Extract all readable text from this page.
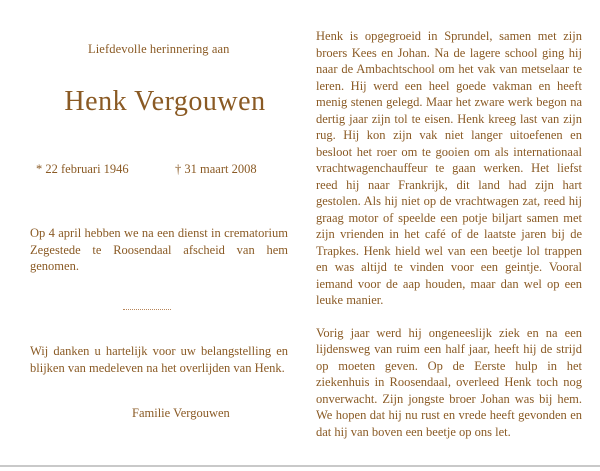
Liefdevolle herinnering aan
Henk Vergouwen
* 22 februari 1946	† 31 maart 2008
Op 4 april hebben we na een dienst in crematorium Zegestede te Roosendaal afscheid van hem genomen.
Wij danken u hartelijk voor uw belangstelling en blijken van medeleven na het overlijden van Henk.
Familie Vergouwen

Henk is opgegroeid in Sprundel, samen met zijn broers Kees en Johan. Na de lagere school ging hij naar de Ambachtschool om het vak van metselaar te leren. Hij werd een heel goede vakman en heeft menig stenen gelegd. Maar het zware werk begon na dertig jaar zijn tol te eisen. Henk kreeg last van zijn rug. Hij kon zijn vak niet langer uitoefenen en besloot het roer om te gooien om als internationaal vrachtwagenchauffeur te gaan werken. Het liefst reed hij naar Frankrijk, dit land had zijn hart gestolen. Als hij niet op de vrachtwagen zat, reed hij graag motor of speelde een potje biljart samen met zijn vrienden in het café of de laatste jaren bij de Trapkes. Henk hield wel van een beetje lol trappen en was altijd te vinden voor een geintje. Vooral iemand voor de aap houden, maar dan wel op een leuke manier.

Vorig jaar werd hij ongeneeslijk ziek en na een lijdensweg van ruim een half jaar, heeft hij de strijd op moeten geven. Op de Eerste hulp in het ziekenhuis in Roosendaal, overleed Henk toch nog onverwacht. Zijn jongste broer Johan was bij hem. We hopen dat hij nu rust en vrede heeft gevonden en dat hij van boven een beetje op ons let.
